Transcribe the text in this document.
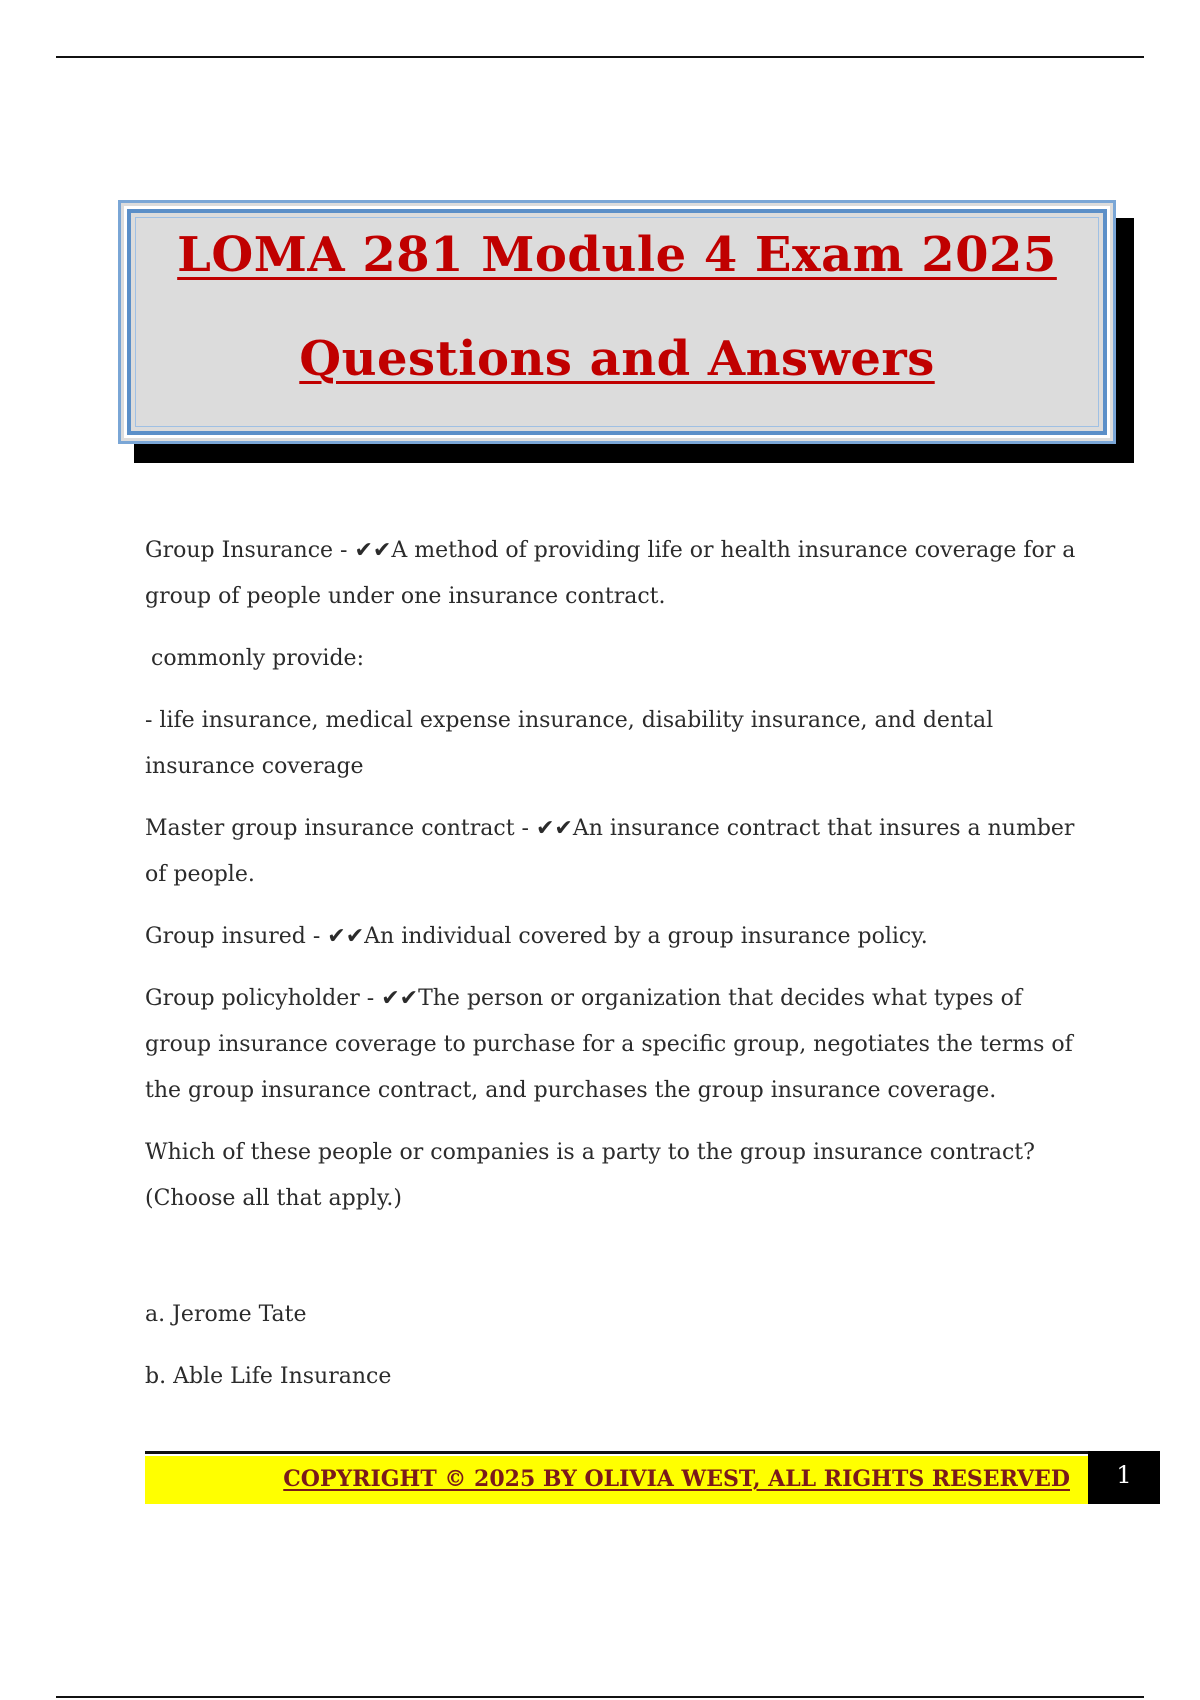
LOMA 281 Module 4 Exam 2025
Questions and Answers

Group Insurance - ✔✔A method of providing life or health insurance coverage for a group of people under one insurance contract.

commonly provide:

- life insurance, medical expense insurance, disability insurance, and dental insurance coverage

Master group insurance contract - ✔✔An insurance contract that insures a number of people.

Group insured - ✔✔An individual covered by a group insurance policy.

Group policyholder - ✔✔The person or organization that decides what types of group insurance coverage to purchase for a specific group, negotiates the terms of the group insurance contract, and purchases the group insurance coverage.

Which of these people or companies is a party to the group insurance contract? (Choose all that apply.)

a. Jerome Tate

b. Able Life Insurance

COPYRIGHT © 2025 BY OLIVIA WEST, ALL RIGHTS RESERVED	1
